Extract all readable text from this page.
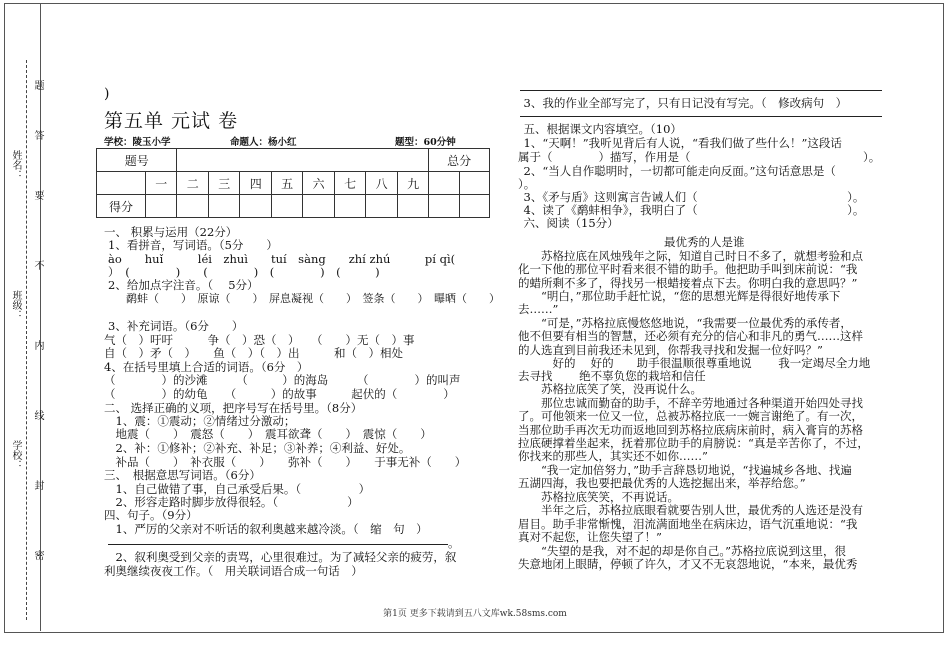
姓名：
班级：
学校：
题
答
要
不
内
线
封
密
)
第五单 元试 卷
学校：陵玉小学	命题人：杨小红	题型：60分钟
题号										总分	
	一	二	三	四	五	六	七	八	九		
得分											
一、 积累与运用（22分）
1、看拼音，写词语。（5分　　）
ào　　huǐ　　　léi　zhuì　　tuí　sàng　　zhí zhú　　　pí qì(
）　(　　　　)　　(　　　　)　(　　　　)　(　　　)
2、给加点字注音。（　 5分）
　　鹬蚌（　　）　原谅（　　）　屏息凝视（　　）　签条（　　）　曝晒（　　）
3、补充词语。（6分　　）
气（　）吁吁　　　争（　）恐（　）　　（　　）无（　）事
自（　）矛（　）　　鱼（　）（　）出　　　和（　）相处
4、在括号里填上合适的词语。（6分　）
（　　　　）的沙滩　　　（　　　）的海岛　　　（　　　　）的叫声
（　　　　）的幼龟　　（　　　）的故事　　　起伏的（　　　　）
二、 选择正确的义项，把序号写在括号里。（8分）
　1、震：①震动；②情绪过分激动；
　地震（　　）　震怒（　　）　震耳欲聋（　　）　震惊（　　）
　2、补：①修补；②补充、补足；③补养；④利益、好处。
　补品（　　）　补衣服（　　）　　弥补（　　）　　于事无补（　　）
三、　根据意思写词语。（6分）
　1、自己做错了事，自己承受后果。（　　　　　）
　2、形容走路时脚步放得很轻。（　　　　　　）
四、句子。（9分）
　1、严厉的父亲对不听话的叙利奥越来越冷淡。（　缩　句　）
。
　2、叙利奥受到父亲的责骂，心里很难过。为了减轻父亲的疲劳，叙
利奥继续夜夜工作。（　用关联词语合成一句话　）
　3、我的作业全部写完了，只有日记没有写完。（　修改病句　）
　五、根据课文内容填空。（10）
　1、“天啊！”我听见背后有人说，“看我们做了些什么！”这段话
属于（　　　　）描写，作用是（　　　　　　　　　　　　　　　）。
　2、“当人自作聪明时，一切都可能走向反面。”这句话意思是（
）。
　3、《矛与盾》这则寓言告诫人们（　　　　　　　　　　　　　）。
　4、读了《鹬蚌相争》，我明白了（　　　　　　　　　　　　　）。
　六、阅读（15分）
最优秀的人是谁
　　苏格拉底在风烛残年之际，知道自己时日不多了，就想考验和点
化一下他的那位平时看来很不错的助手。他把助手叫到床前说：“我
的蜡所剩不多了，得找另一根蜡接着点下去。你明白我的意思吗？”
　　“明白，”那位助手赶忙说，“您的思想光辉是得很好地传承下
去……”
　　“可是，”苏格拉底慢悠悠地说，“我需要一位最优秀的承传者，
他不但要有相当的智慧，还必须有充分的信心和非凡的勇气……这样
的人选直到目前我还未见到，你帮我寻找和发掘一位好吗？”
　　　好的　 好的　　助手很温顺很尊重地说　　 我一定竭尽全力地
去寻找　　 绝不辜负您的栽培和信任
　　苏格拉底笑了笑，没再说什么。
　　那位忠诚而勤奋的助手，不辞辛劳地通过各种渠道开始四处寻找
了。可他领来一位又一位，总被苏格拉底一一婉言谢绝了。有一次，
当那位助手再次无功而返地回到苏格拉底病床前时，病入膏肓的苏格
拉底硬撑着坐起来，抚着那位助手的肩膀说：“真是辛苦你了，不过，
你找来的那些人，其实还不如你……”
　　“我一定加倍努力，”助手言辞恳切地说，“找遍城乡各地、找遍
五湖四海，我也要把最优秀的人选挖掘出来，举荐给您。”
　　苏格拉底笑笑，不再说话。
　　半年之后，苏格拉底眼看就要告别人世，最优秀的人选还是没有
眉目。助手非常惭愧，泪流满面地坐在病床边，语气沉重地说：“我
真对不起您，让您失望了！”
　　“失望的是我，对不起的却是你自己。”苏格拉底说到这里，很
失意地闭上眼睛，停顿了许久，才又不无哀怨地说，“本来，最优秀
第1页 更多下载请到五八文库wk.58sms.com
